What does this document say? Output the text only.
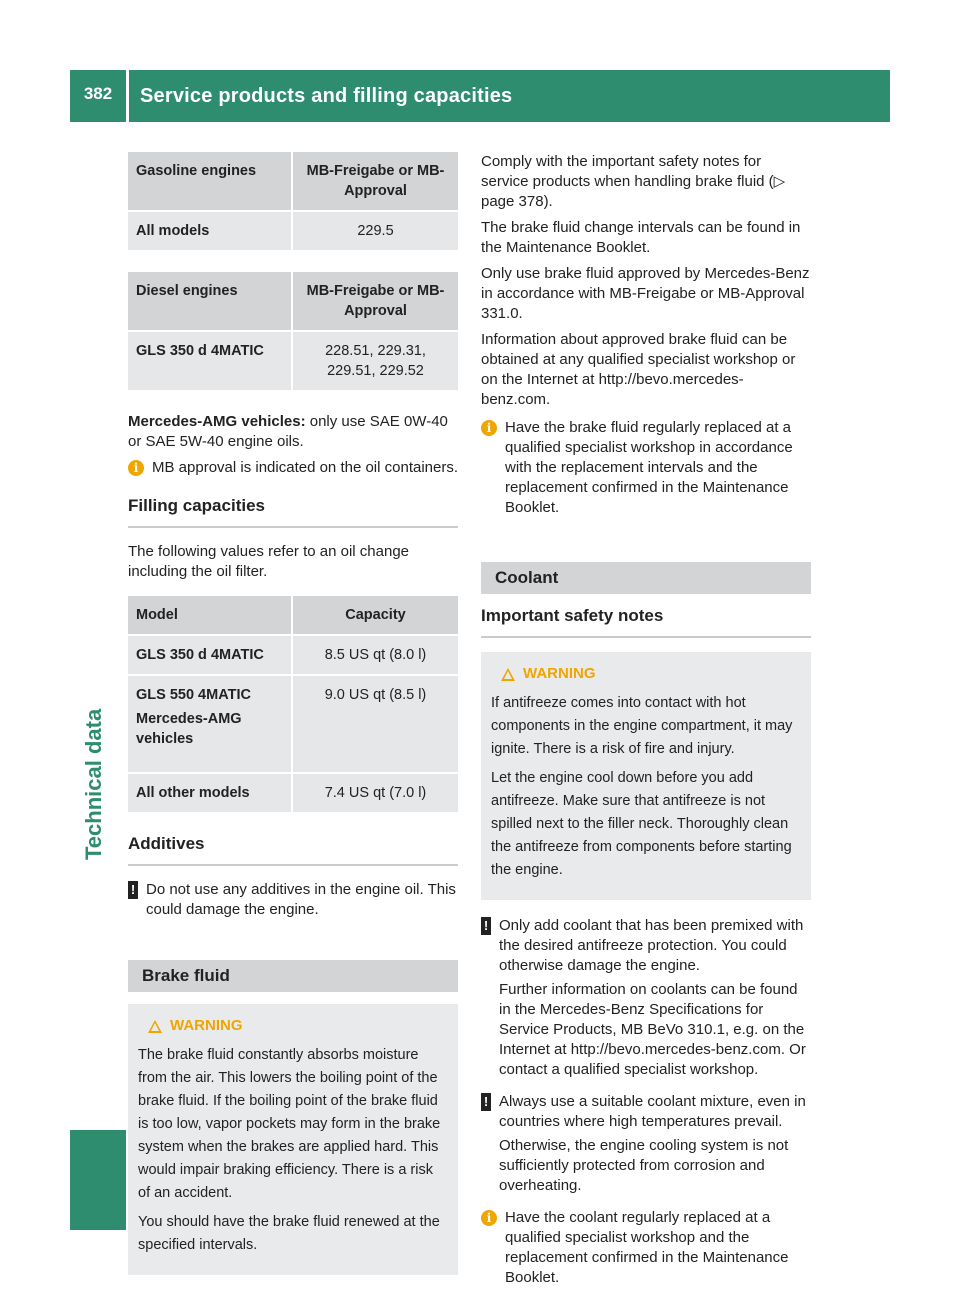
382	Service products and filling capacities
Technical data
Gasoline engines	MB-Freigabe or MB-Approval
All models	229.5
Diesel engines	MB-Freigabe or MB-Approval
GLS 350 d 4MATIC	228.51, 229.31, 229.51, 229.52

Mercedes-AMG vehicles: only use SAE 0W-40 or SAE 5W-40 engine oils.

i MB approval is indicated on the oil containers.

Filling capacities

The following values refer to an oil change including the oil filter.

Model	Capacity
GLS 350 d 4MATIC	8.5 US qt (8.0 l)

GLS 550 4MATIC
Mercedes-AMG vehicles	9.0 US qt (8.5 l)
All other models	7.4 US qt (7.0 l)
Additives
! Do not use any additives in the engine oil. This could damage the engine.

Brake fluid
WARNING

The brake fluid constantly absorbs moisture from the air. This lowers the boiling point of the brake fluid. If the boiling point of the brake fluid is too low, vapor pockets may form in the brake system when the brakes are applied hard. This would impair braking efficiency. There is a risk of an accident.

You should have the brake fluid renewed at the specified intervals.

Comply with the important safety notes for service products when handling brake fluid (▷ page 378).

The brake fluid change intervals can be found in the Maintenance Booklet.

Only use brake fluid approved by Mercedes-Benz in accordance with MB-Freigabe or MB-Approval 331.0.

Information about approved brake fluid can be obtained at any qualified specialist workshop or on the Internet at http://bevo.mercedes-benz.com.

i Have the brake fluid regularly replaced at a qualified specialist workshop in accordance with the replacement intervals and the replacement confirmed in the Maintenance Booklet.

Coolant
Important safety notes
WARNING

If antifreeze comes into contact with hot components in the engine compartment, it may ignite. There is a risk of fire and injury.

Let the engine cool down before you add antifreeze. Make sure that antifreeze is not spilled next to the filler neck. Thoroughly clean the antifreeze from components before starting the engine.

! Only add coolant that has been premixed with the desired antifreeze protection. You could otherwise damage the engine.

Further information on coolants can be found in the Mercedes-Benz Specifications for Service Products, MB BeVo 310.1, e.g. on the Internet at http://bevo.mercedes-benz.com. Or contact a qualified specialist workshop.

! Always use a suitable coolant mixture, even in countries where high temperatures prevail.

Otherwise, the engine cooling system is not sufficiently protected from corrosion and overheating.

i Have the coolant regularly replaced at a qualified specialist workshop and the replacement confirmed in the Maintenance Booklet.
